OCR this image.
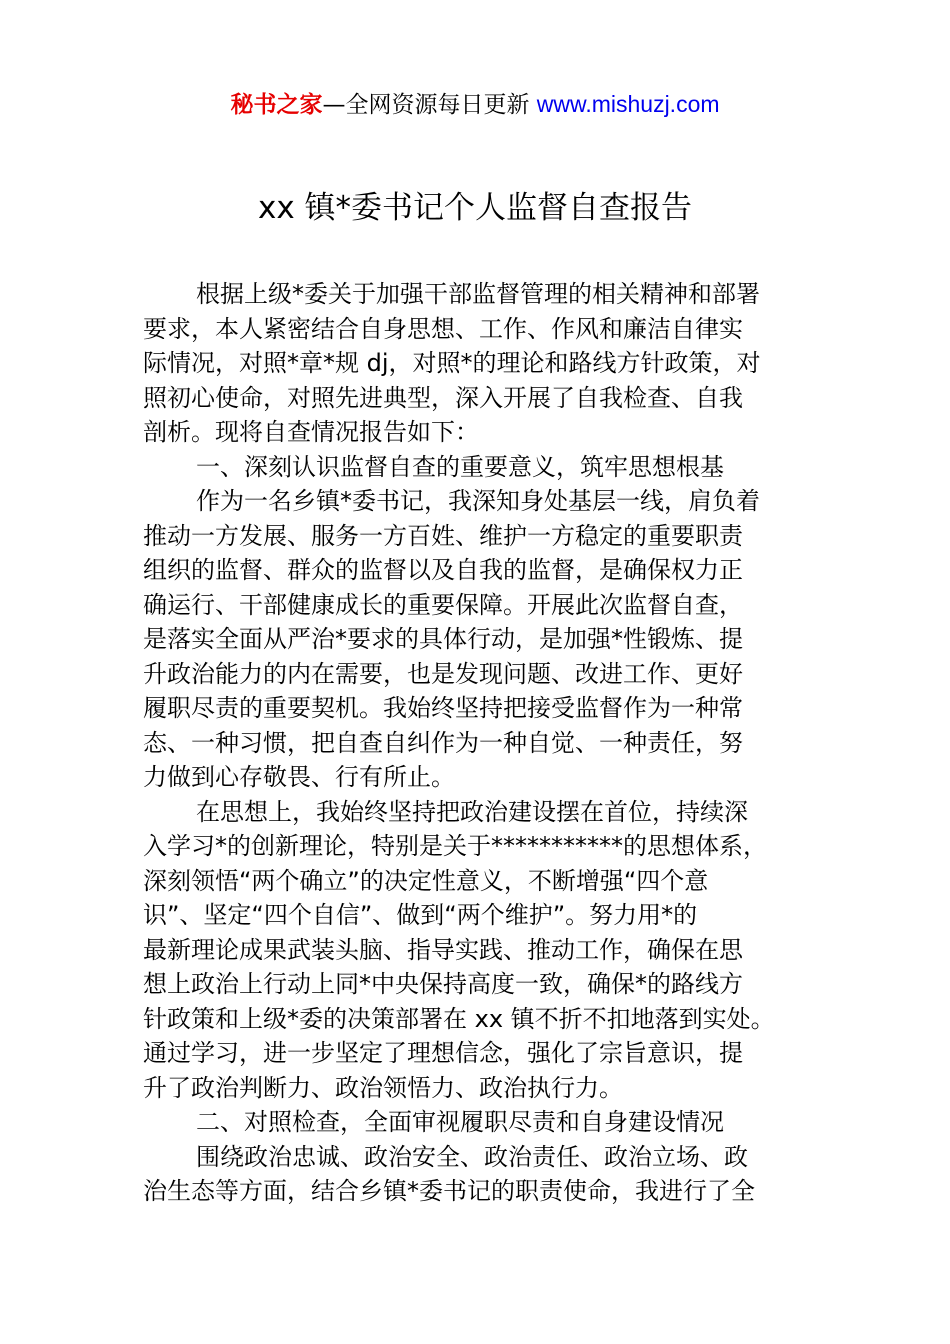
秘书之家—全网资源每日更新 www.mishuzj.com
xx 镇*委书记个人监督自查报告
根据上级*委关于加强干部监督管理的相关精神和部署
要求，本人紧密结合自身思想、工作、作风和廉洁自律实
际情况，对照*章*规 dj，对照*的理论和路线方针政策，对
照初心使命，对照先进典型，深入开展了自我检查、自我
剖析。现将自查情况报告如下：
一、深刻认识监督自查的重要意义，筑牢思想根基
作为一名乡镇*委书记，我深知身处基层一线，肩负着
推动一方发展、服务一方百姓、维护一方稳定的重要职责
组织的监督、群众的监督以及自我的监督，是确保权力正
确运行、干部健康成长的重要保障。开展此次监督自查，
是落实全面从严治*要求的具体行动，是加强*性锻炼、提
升政治能力的内在需要，也是发现问题、改进工作、更好
履职尽责的重要契机。我始终坚持把接受监督作为一种常
态、一种习惯，把自查自纠作为一种自觉、一种责任，努
力做到心存敬畏、行有所止。
在思想上，我始终坚持把政治建设摆在首位，持续深
入学习*的创新理论，特别是关于***********的思想体系，
深刻领悟“两个确立”的决定性意义，不断增强“四个意
识”、坚定“四个自信”、做到“两个维护”。努力用*的
最新理论成果武装头脑、指导实践、推动工作，确保在思
想上政治上行动上同*中央保持高度一致，确保*的路线方
针政策和上级*委的决策部署在 xx 镇不折不扣地落到实处。
通过学习，进一步坚定了理想信念，强化了宗旨意识，提
升了政治判断力、政治领悟力、政治执行力。
二、对照检查，全面审视履职尽责和自身建设情况
围绕政治忠诚、政治安全、政治责任、政治立场、政
治生态等方面，结合乡镇*委书记的职责使命，我进行了全
